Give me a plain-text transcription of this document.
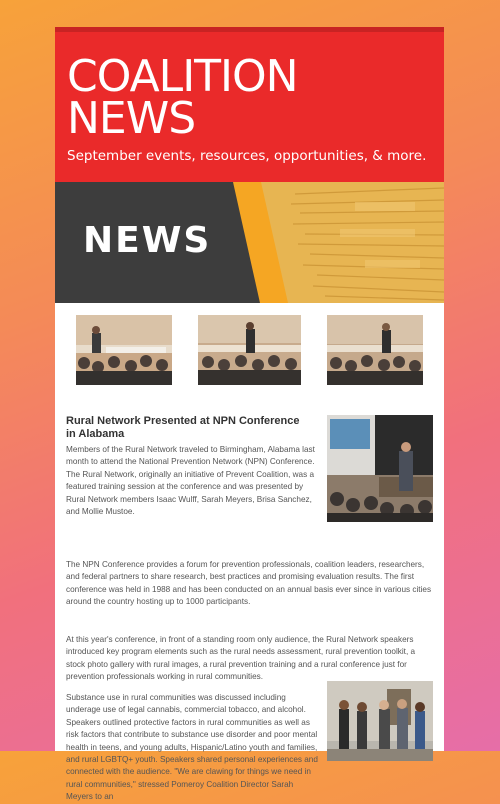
COALITION
NEWS
September events, resources, opportunities, & more.
NEWS
Rural Network Presented at NPN Conference in Alabama

Members of the Rural Network traveled to Birmingham, Alabama last month to attend the National Prevention Network (NPN) Conference. The Rural Network, originally an initiative of Prevent Coalition, was a featured training session at the conference and was presented by Rural Network members Isaac Wulff, Sarah Meyers, Brisa Sanchez, and Mollie Mustoe.

The NPN Conference provides a forum for prevention professionals, coalition leaders, researchers, and federal partners to share research, best practices and promising evaluation results. The first conference was held in 1988 and has been conducted on an annual basis ever since in various cities around the country hosting up to 1000 participants.

At this year's conference, in front of a standing room only audience, the Rural Network speakers introduced key program elements such as the rural needs assessment, rural prevention toolkit, a stock photo gallery with rural images, a rural prevention training and a rural conference just for prevention professionals working in rural communities.

Substance use in rural communities was discussed including underage use of legal cannabis, commercial tobacco, and alcohol. Speakers outlined protective factors in rural communities as well as risk factors that contribute to substance use disorder and poor mental health in teens, and young adults, Hispanic/Latino youth and families, and rural LGBTQ+ youth. Speakers shared personal experiences and connected with the audience. "We are clawing for things we need in rural communities," stressed Pomeroy Coalition Director Sarah Meyers to an
